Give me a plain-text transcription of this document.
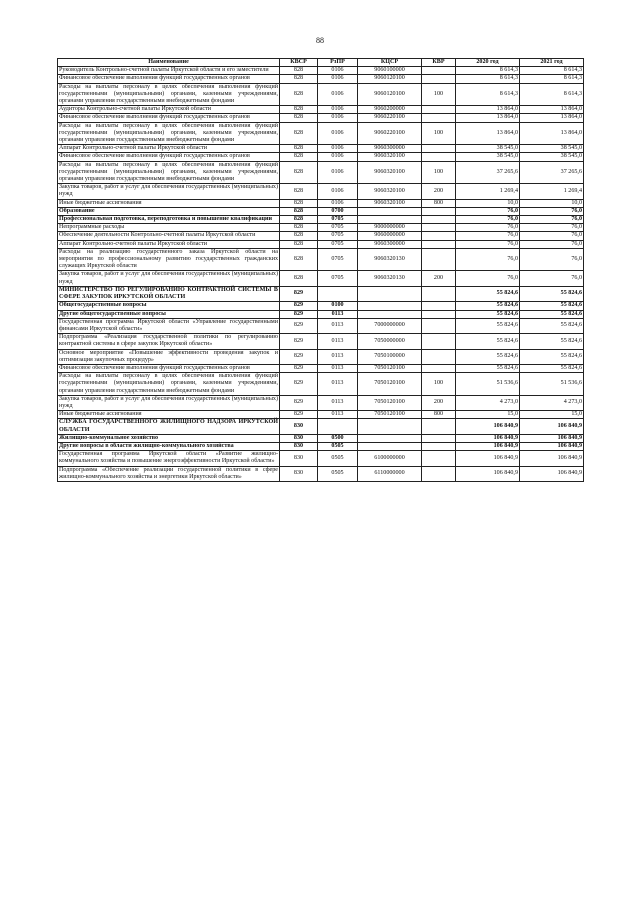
88
Наименование	КВСР	РзПР	КЦСР	КВР	2020 год	2021 год
Руководитель Контрольно-счетной палаты Иркутской области и его заместители	828	0106	9060100000		8 614,3	8 614,3
Финансовое обеспечение выполнения функций государственных органов	828	0106	9060120100		8 614,3	8 614,3
Расходы на выплаты персоналу в целях обеспечения выполнения функций государственными (муниципальными) органами, казенными учреждениями, органами управления государственными внебюджетными фондами	828	0106	9060120100	100	8 614,3	8 614,3
Аудиторы Контрольно-счетной палаты Иркутской области	828	0106	9060200000		13 864,0	13 864,0
Финансовое обеспечение выполнения функций государственных органов	828	0106	9060220100		13 864,0	13 864,0
Расходы на выплаты персоналу в целях обеспечения выполнения функций государственными (муниципальными) органами, казенными учреждениями, органами управления государственными внебюджетными фондами	828	0106	9060220100	100	13 864,0	13 864,0
Аппарат Контрольно-счетной палаты Иркутской области	828	0106	9060300000		38 545,0	38 545,0
Финансовое обеспечение выполнения функций государственных органов	828	0106	9060320100		38 545,0	38 545,0
Расходы на выплаты персоналу в целях обеспечения выполнения функций государственными (муниципальными) органами, казенными учреждениями, органами управления государственными внебюджетными фондами	828	0106	9060320100	100	37 265,6	37 265,6
Закупка товаров, работ и услуг для обеспечения государственных (муниципальных) нужд	828	0106	9060320100	200	1 269,4	1 269,4
Иные бюджетные ассигнования	828	0106	9060320100	800	10,0	10,0
Образование	828	0700			76,0	76,0
Профессиональная подготовка, переподготовка и повышение квалификации	828	0705			76,0	76,0
Непрограммные расходы	828	0705	9000000000		76,0	76,0
Обеспечение деятельности Контрольно-счетной палаты Иркутской области	828	0705	9060000000		76,0	76,0
Аппарат Контрольно-счетной палаты Иркутской области	828	0705	9060300000		76,0	76,0
Расходы на реализацию государственного заказа Иркутской области на мероприятия по профессиональному развитию государственных гражданских служащих Иркутской области	828	0705	9060320130		76,0	76,0
Закупка товаров, работ и услуг для обеспечения государственных (муниципальных) нужд	828	0705	9060320130	200	76,0	76,0
МИНИСТЕРСТВО ПО РЕГУЛИРОВАНИЮ КОНТРАКТНОЙ СИСТЕМЫ В СФЕРЕ ЗАКУПОК ИРКУТСКОЙ ОБЛАСТИ	829				55 824,6	55 824,6
Общегосударственные вопросы	829	0100			55 824,6	55 824,6
Другие общегосударственные вопросы	829	0113			55 824,6	55 824,6
Государственная программа Иркутской области «Управление государственными финансами Иркутской области»	829	0113	7000000000		55 824,6	55 824,6
Подпрограмма «Реализация государственной политики по регулированию контрактной системы в сфере закупок Иркутской области»	829	0113	7050000000		55 824,6	55 824,6
Основное мероприятие «Повышение эффективности проведения закупок и оптимизация закупочных процедур»	829	0113	7050100000		55 824,6	55 824,6
Финансовое обеспечение выполнения функций государственных органов	829	0113	7050120100		55 824,6	55 824,6
Расходы на выплаты персоналу в целях обеспечения выполнения функций государственными (муниципальными) органами, казенными учреждениями, органами управления государственными внебюджетными фондами	829	0113	7050120100	100	51 536,6	51 536,6
Закупка товаров, работ и услуг для обеспечения государственных (муниципальных) нужд	829	0113	7050120100	200	4 273,0	4 273,0
Иные бюджетные ассигнования	829	0113	7050120100	800	15,0	15,0
СЛУЖБА ГОСУДАРСТВЕННОГО ЖИЛИЩНОГО НАДЗОРА ИРКУТСКОЙ ОБЛАСТИ	830				106 840,9	106 840,9
Жилищно-коммунальное хозяйство	830	0500			106 840,9	106 840,9
Другие вопросы в области жилищно-коммунального хозяйства	830	0505			106 840,9	106 840,9
Государственная программа Иркутской области «Развитие жилищно-коммунального хозяйства и повышение энергоэффективности Иркутской области»	830	0505	6100000000		106 840,9	106 840,9
Подпрограмма «Обеспечение реализации государственной политики в сфере жилищно-коммунального хозяйства и энергетики Иркутской области»	830	0505	6110000000		106 840,9	106 840,9
